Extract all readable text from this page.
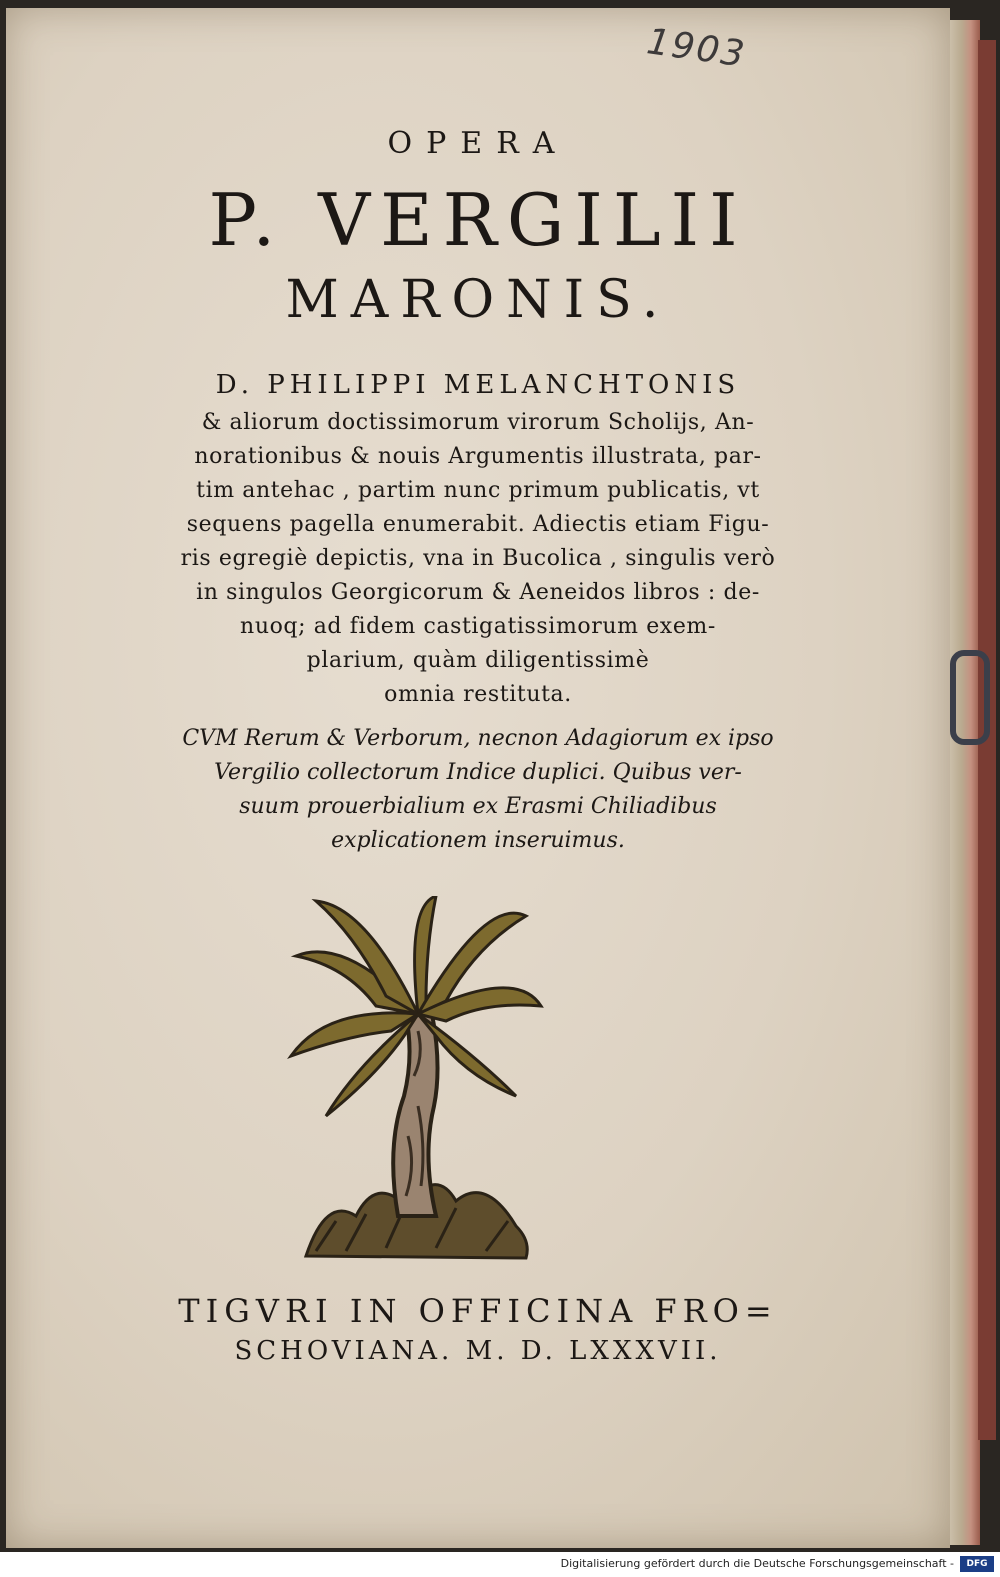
1903
OPERA
P. VERGILII
MARONIS.
D. PHILIPPI MELANCHTONIS
& aliorum doctissimorum virorum Scholijs, An-
norationibus & nouis Argumentis illustrata, par-
tim antehac , partim nunc primum publicatis, vt
sequens pagella enumerabit. Adiectis etiam Figu-
ris egregiè depictis, vna in Bucolica , singulis verò
in singulos Georgicorum & Aeneidos libros : de-
nuoq; ad fidem castigatissimorum exem-
plarium, quàm diligentissimè
omnia restituta.
CVM Rerum & Verborum, necnon Adagiorum ex ipso
Vergilio collectorum Indice duplici. Quibus ver-
suum prouerbialium ex Erasmi Chiliadibus
explicationem inseruimus.
TIGVRI IN OFFICINA FRO=
SCHOVIANA. M. D. LXXXVII.
Digitalisierung gefördert durch die Deutsche Forschungsgemeinschaft -	DFG
